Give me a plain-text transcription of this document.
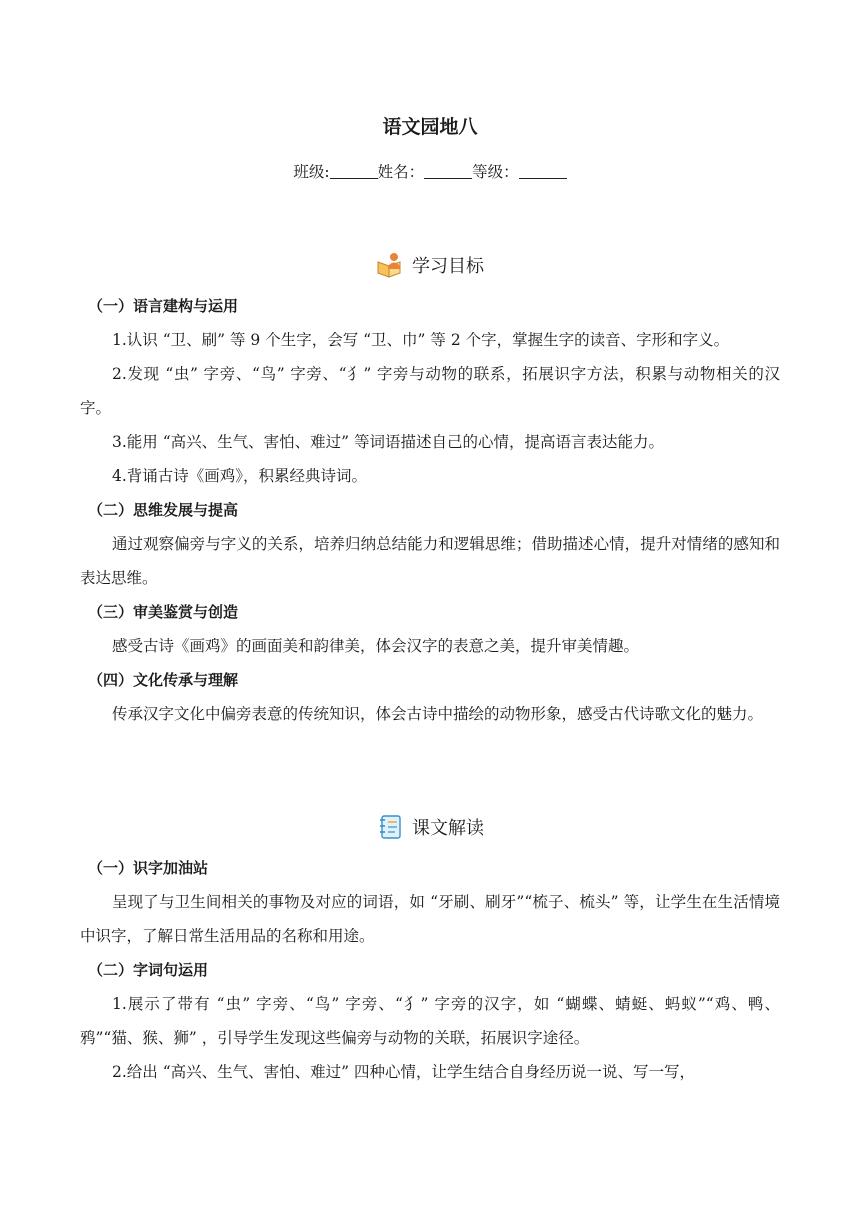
语文园地八
班级:	姓名：	等级：
学习目标
（一）语言建构与运用
1.认识 “卫、刷” 等 9 个生字，会写 “卫、巾” 等 2 个字，掌握生字的读音、字形和字义。
2.发现 “虫” 字旁、“鸟” 字旁、“犭” 字旁与动物的联系，拓展识字方法，积累与动物相关的汉字。
3.能用 “高兴、生气、害怕、难过” 等词语描述自己的心情，提高语言表达能力。
4.背诵古诗《画鸡》，积累经典诗词。
（二）思维发展与提高
通过观察偏旁与字义的关系，培养归纳总结能力和逻辑思维；借助描述心情，提升对情绪的感知和表达思维。
（三）审美鉴赏与创造
感受古诗《画鸡》的画面美和韵律美，体会汉字的表意之美，提升审美情趣。
（四）文化传承与理解
传承汉字文化中偏旁表意的传统知识，体会古诗中描绘的动物形象，感受古代诗歌文化的魅力。
课文解读
（一）识字加油站
呈现了与卫生间相关的事物及对应的词语，如 “牙刷、刷牙”“梳子、梳头” 等，让学生在生活情境中识字，了解日常生活用品的名称和用途。
（二）字词句运用
1.展示了带有 “虫” 字旁、“鸟” 字旁、“犭” 字旁的汉字，如 “蝴蝶、蜻蜓、蚂蚁”“鸡、鸭、鸦”“猫、猴、狮” ，引导学生发现这些偏旁与动物的关联，拓展识字途径。
2.给出 “高兴、生气、害怕、难过” 四种心情，让学生结合自身经历说一说、写一写，
